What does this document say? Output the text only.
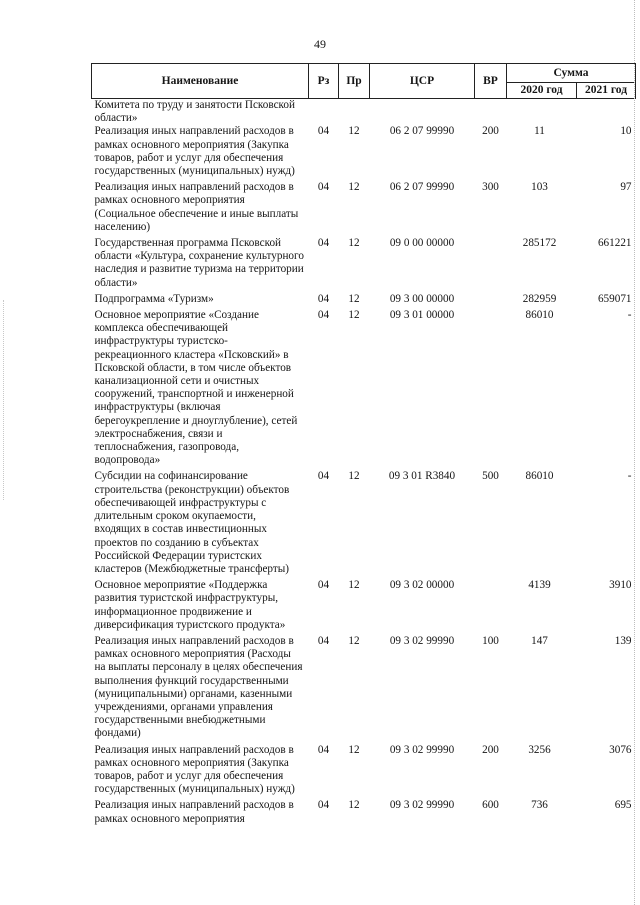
49
Наименование	Рз	Пр	ЦСР	ВР	Сумма	
					2020 год	2021 год
Комитета по труду и занятости Псковской области»						
Реализация иных направлений расходов в рамках основного мероприятия (Закупка товаров, работ и услуг для обеспечения государственных (муниципальных) нужд)	04	12	06 2 07 99990	200	11	10
Реализация иных направлений расходов в рамках основного мероприятия (Социальное обеспечение и иные выплаты населению)	04	12	06 2 07 99990	300	103	97
Государственная программа Псковской области «Культура, сохранение культурного наследия и развитие туризма на территории области»	04	12	09 0 00 00000		285172	661221
Подпрограмма «Туризм»	04	12	09 3 00 00000		282959	659071
Основное мероприятие «Создание комплекса обеспечивающей инфраструктуры туристско-рекреационного кластера «Псковский» в Псковской области, в том числе объектов канализационной сети и очистных сооружений, транспортной и инженерной инфраструктуры (включая берегоукрепление и дноуглубление), сетей электроснабжения, связи и теплоснабжения, газопровода, водопровода»	04	12	09 3 01 00000		86010	-
Субсидии на софинансирование строительства (реконструкции) объектов обеспечивающей инфраструктуры с длительным сроком окупаемости, входящих в состав инвестиционных проектов по созданию в субъектах Российской Федерации туристских кластеров (Межбюджетные трансферты)	04	12	09 3 01 R3840	500	86010	-
Основное мероприятие «Поддержка развития туристской инфраструктуры, информационное продвижение и диверсификация туристского продукта»	04	12	09 3 02 00000		4139	3910
Реализация иных направлений расходов в рамках основного мероприятия (Расходы на выплаты персоналу в целях обеспечения выполнения функций государственными (муниципальными) органами, казенными учреждениями, органами управления государственными внебюджетными фондами)	04	12	09 3 02 99990	100	147	139
Реализация иных направлений расходов в рамках основного мероприятия (Закупка товаров, работ и услуг для обеспечения государственных (муниципальных) нужд)	04	12	09 3 02 99990	200	3256	3076
Реализация иных направлений расходов в рамках основного мероприятия	04	12	09 3 02 99990	600	736	695
